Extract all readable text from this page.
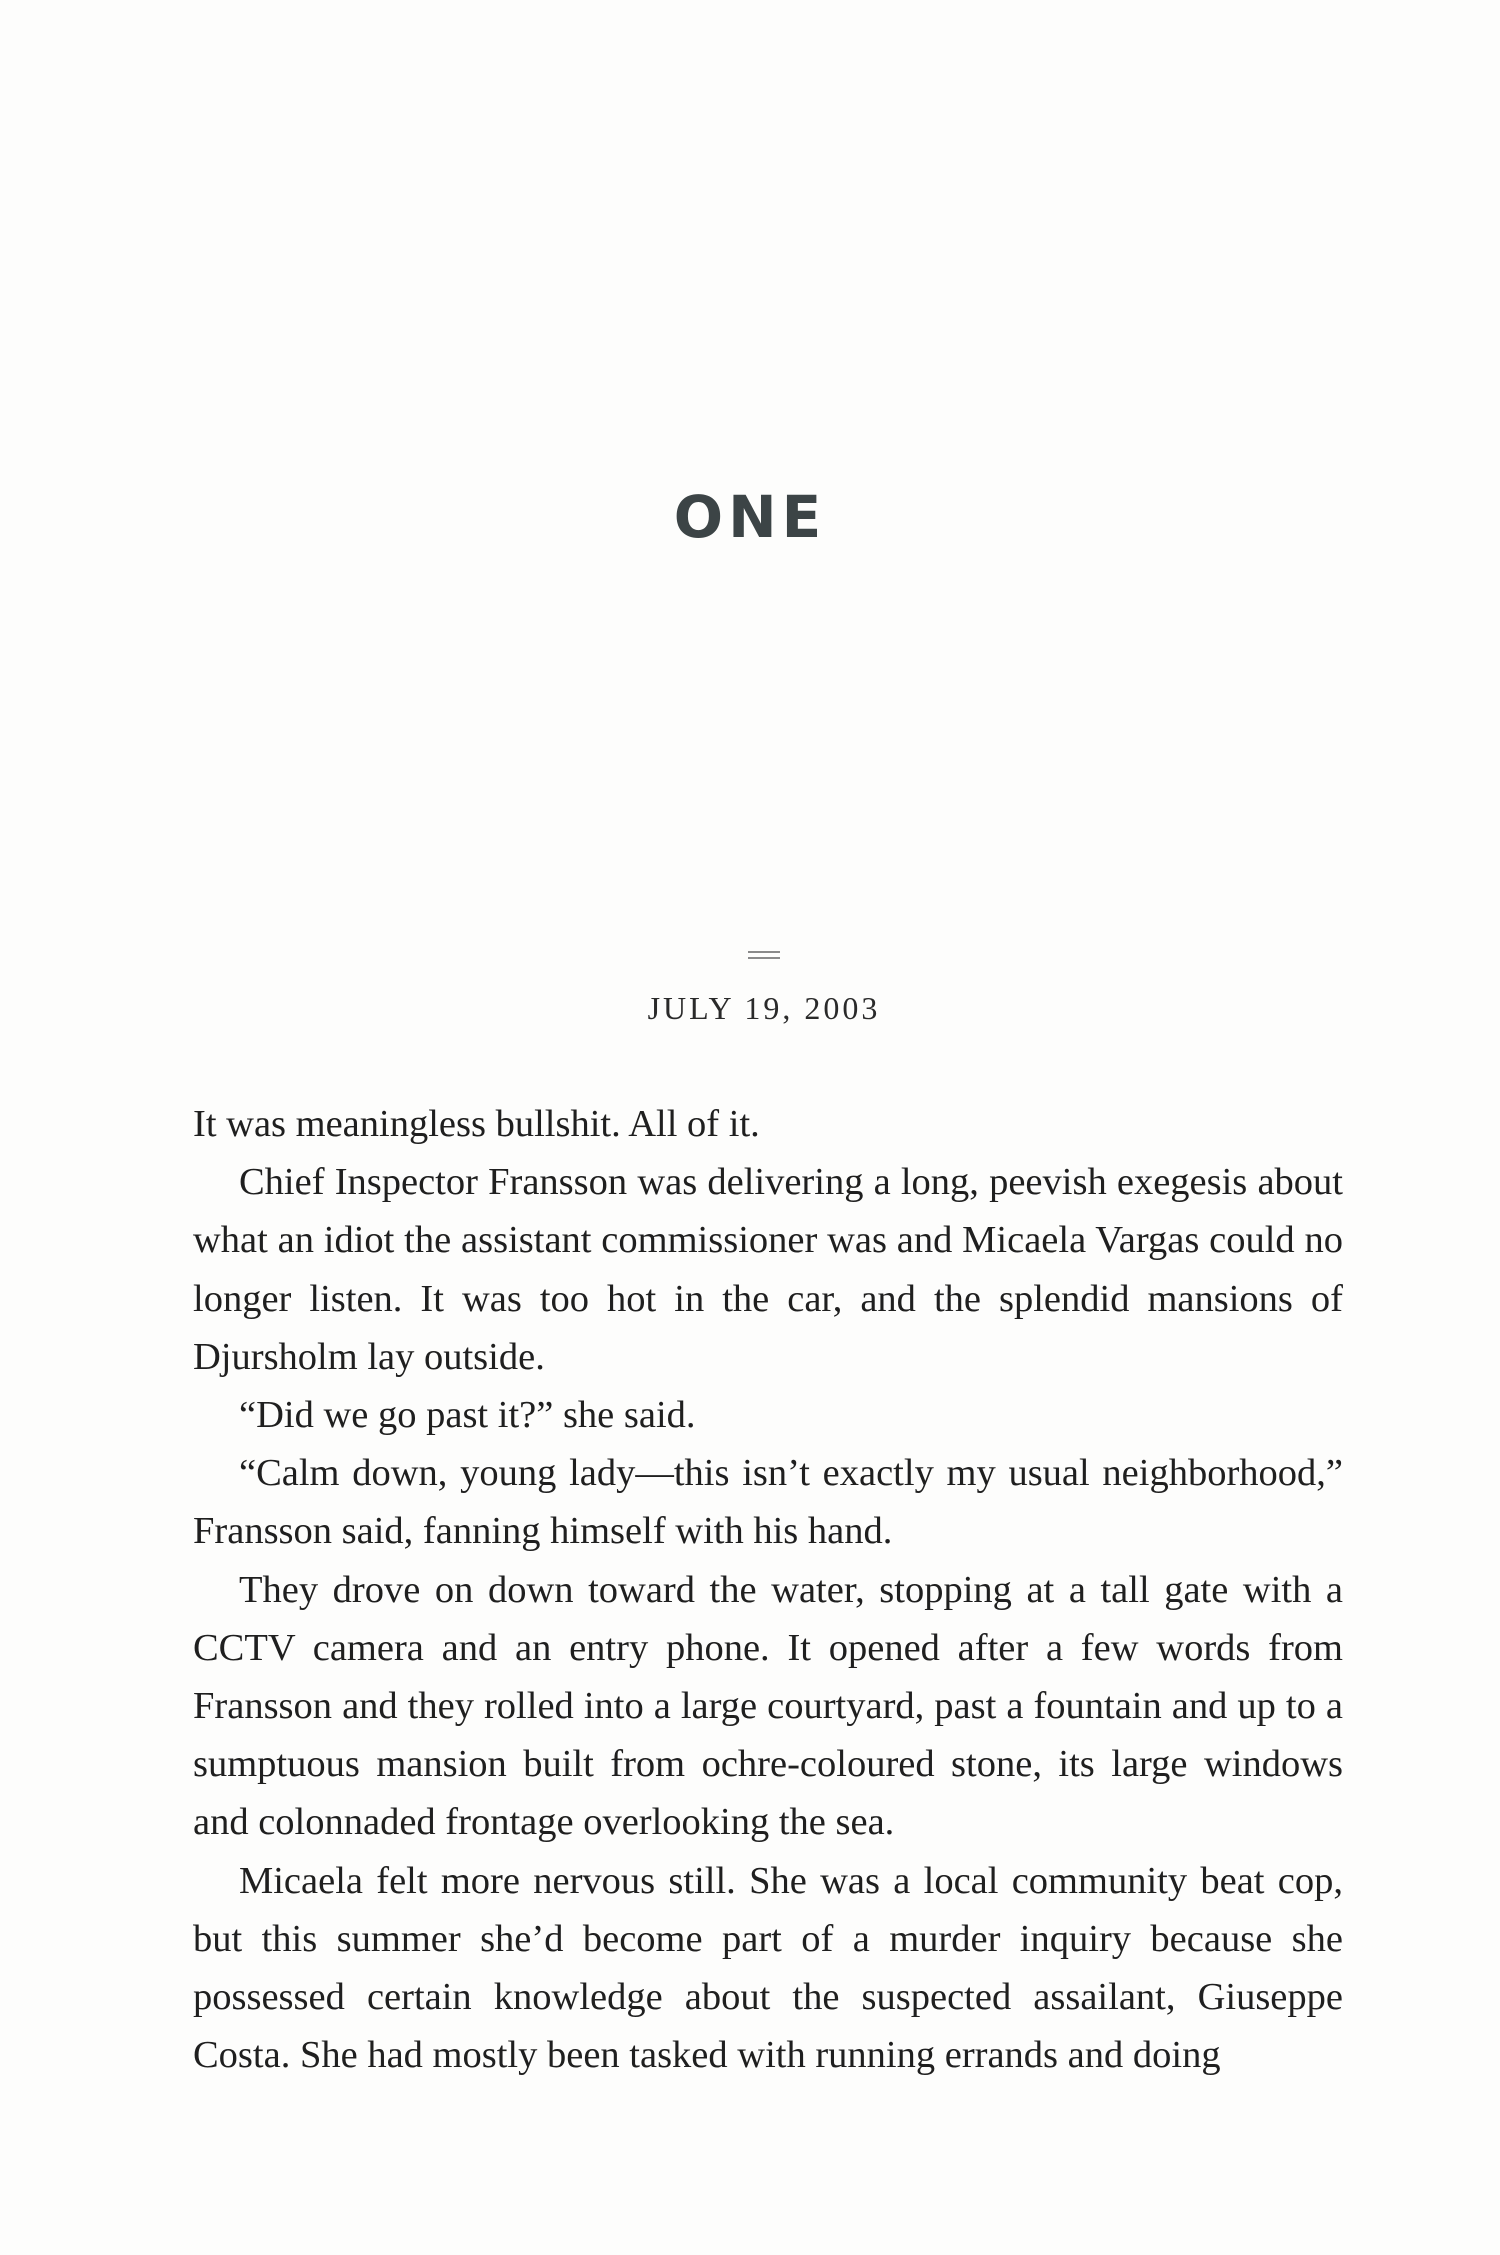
ONE
JULY 19, 2003

It was meaningless bullshit. All of it.

Chief Inspector Fransson was delivering a long, peevish exegesis about what an idiot the assistant commissioner was and Micaela Vargas could no longer listen. It was too hot in the car, and the splendid mansions of Djursholm lay outside.

“Did we go past it?” she said.

“Calm down, young lady—this isn’t exactly my usual neighborhood,” Fransson said, fanning himself with his hand.

They drove on down toward the water, stopping at a tall gate with a CCTV camera and an entry phone. It opened after a few words from Fransson and they rolled into a large courtyard, past a fountain and up to a sumptuous mansion built from ochre-coloured stone, its large windows and colonnaded frontage overlooking the sea.

Micaela felt more nervous still. She was a local community beat cop, but this summer she’d become part of a murder inquiry because she possessed certain knowledge about the suspected assailant, Giuseppe Costa. She had mostly been tasked with running errands and doing
